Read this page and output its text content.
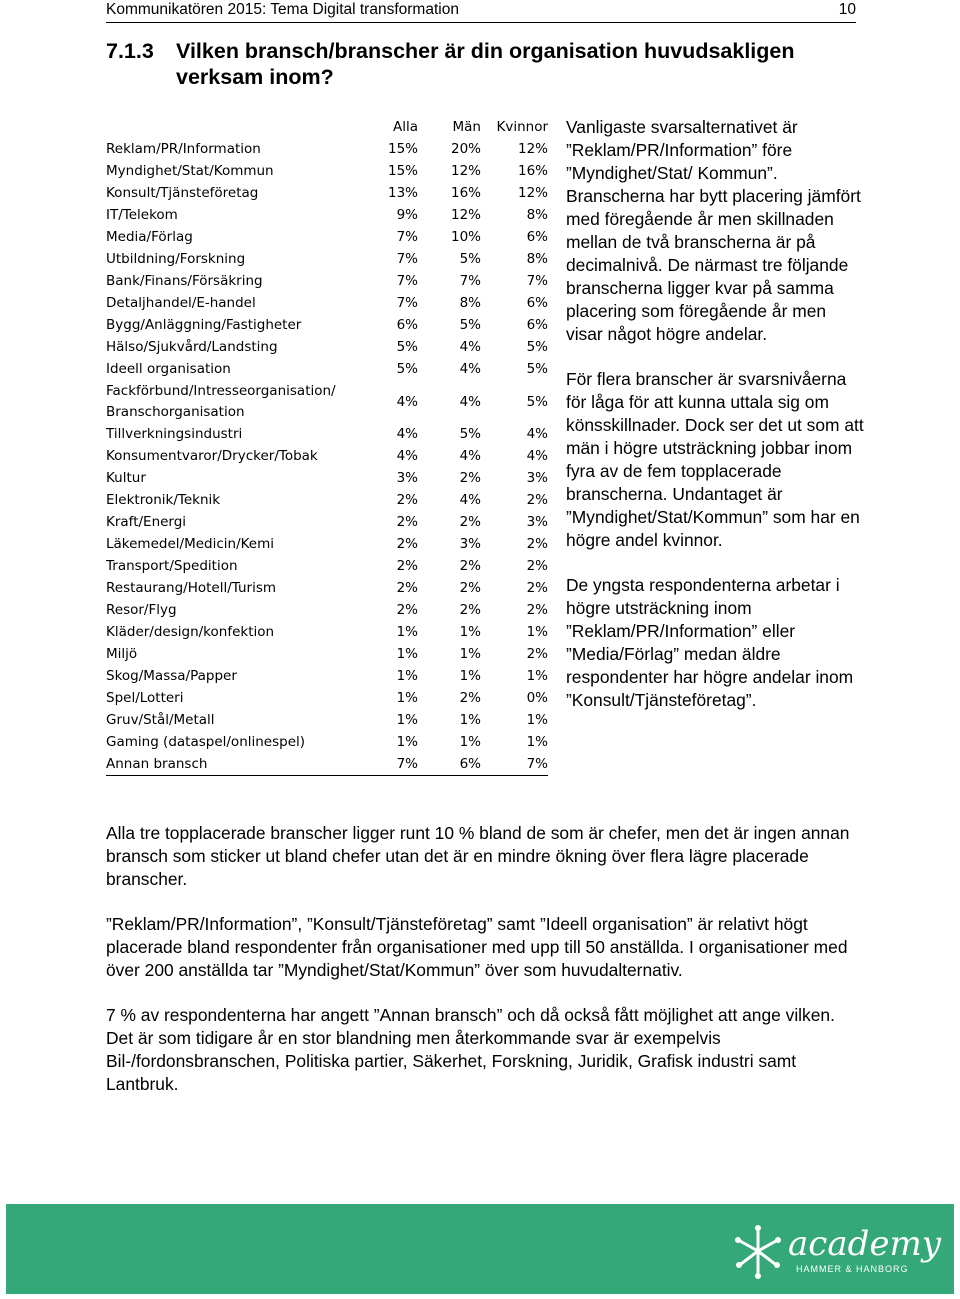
Kommunikatören 2015: Tema Digital transformation	10
7.1.3 Vilken bransch/branscher är din organisation huvudsakligen
verksam inom?
	Alla	Män	Kvinnor
Reklam/PR/Information	15%	20%	12%
Myndighet/Stat/Kommun	15%	12%	16%
Konsult/Tjänsteföretag	13%	16%	12%
IT/Telekom	9%	12%	8%
Media/Förlag	7%	10%	6%
Utbildning/Forskning	7%	5%	8%
Bank/Finans/Försäkring	7%	7%	7%
Detaljhandel/E-handel	7%	8%	6%
Bygg/Anläggning/Fastigheter	6%	5%	6%
Hälso/Sjukvård/Landsting	5%	4%	5%
Ideell organisation	5%	4%	5%
Fackförbund/Intresseorganisation/ Branschorganisation	4%	4%	5%
Tillverkningsindustri	4%	5%	4%
Konsumentvaror/Drycker/Tobak	4%	4%	4%
Kultur	3%	2%	3%
Elektronik/Teknik	2%	4%	2%
Kraft/Energi	2%	2%	3%
Läkemedel/Medicin/Kemi	2%	3%	2%
Transport/Spedition	2%	2%	2%
Restaurang/Hotell/Turism	2%	2%	2%
Resor/Flyg	2%	2%	2%
Kläder/design/konfektion	1%	1%	1%
Miljö	1%	1%	2%
Skog/Massa/Papper	1%	1%	1%
Spel/Lotteri	1%	2%	0%
Gruv/Stål/Metall	1%	1%	1%
Gaming (dataspel/onlinespel)	1%	1%	1%
Annan bransch	7%	6%	7%

Vanligaste svarsalternativet är ”Reklam/PR/Information” före ”Myndighet/Stat/ Kommun”. Branscherna har bytt placering jämfört med föregående år men skillnaden mellan de två branscherna är på decimalnivå. De närmast tre följande branscherna ligger kvar på samma placering som föregående år men visar något högre andelar.

För flera branscher är svarsnivåerna för låga för att kunna uttala sig om könsskillnader. Dock ser det ut som att män i högre utsträckning jobbar inom fyra av de fem topplacerade branscherna. Undantaget är ”Myndighet/Stat/Kommun” som har en högre andel kvinnor.

De yngsta respondenterna arbetar i högre utsträckning inom ”Reklam/PR/Information” eller ”Media/Förlag” medan äldre respondenter har högre andelar inom ”Konsult/Tjänsteföretag”.

Alla tre topplacerade branscher ligger runt 10 % bland de som är chefer, men det är ingen annan bransch som sticker ut bland chefer utan det är en mindre ökning över flera lägre placerade branscher.

”Reklam/PR/Information”, ”Konsult/Tjänsteföretag” samt ”Ideell organisation” är relativt högt placerade bland respondenter från organisationer med upp till 50 anställda. I organisationer med över 200 anställda tar ”Myndighet/Stat/Kommun” över som huvudalternativ.

7 % av respondenterna har angett ”Annan bransch” och då också fått möjlighet att ange vilken. Det är som tidigare år en stor blandning men återkommande svar är exempelvis Bil-/fordonsbranschen, Politiska partier, Säkerhet, Forskning, Juridik, Grafisk industri samt Lantbruk.

academy
HAMMER & HANBORG
